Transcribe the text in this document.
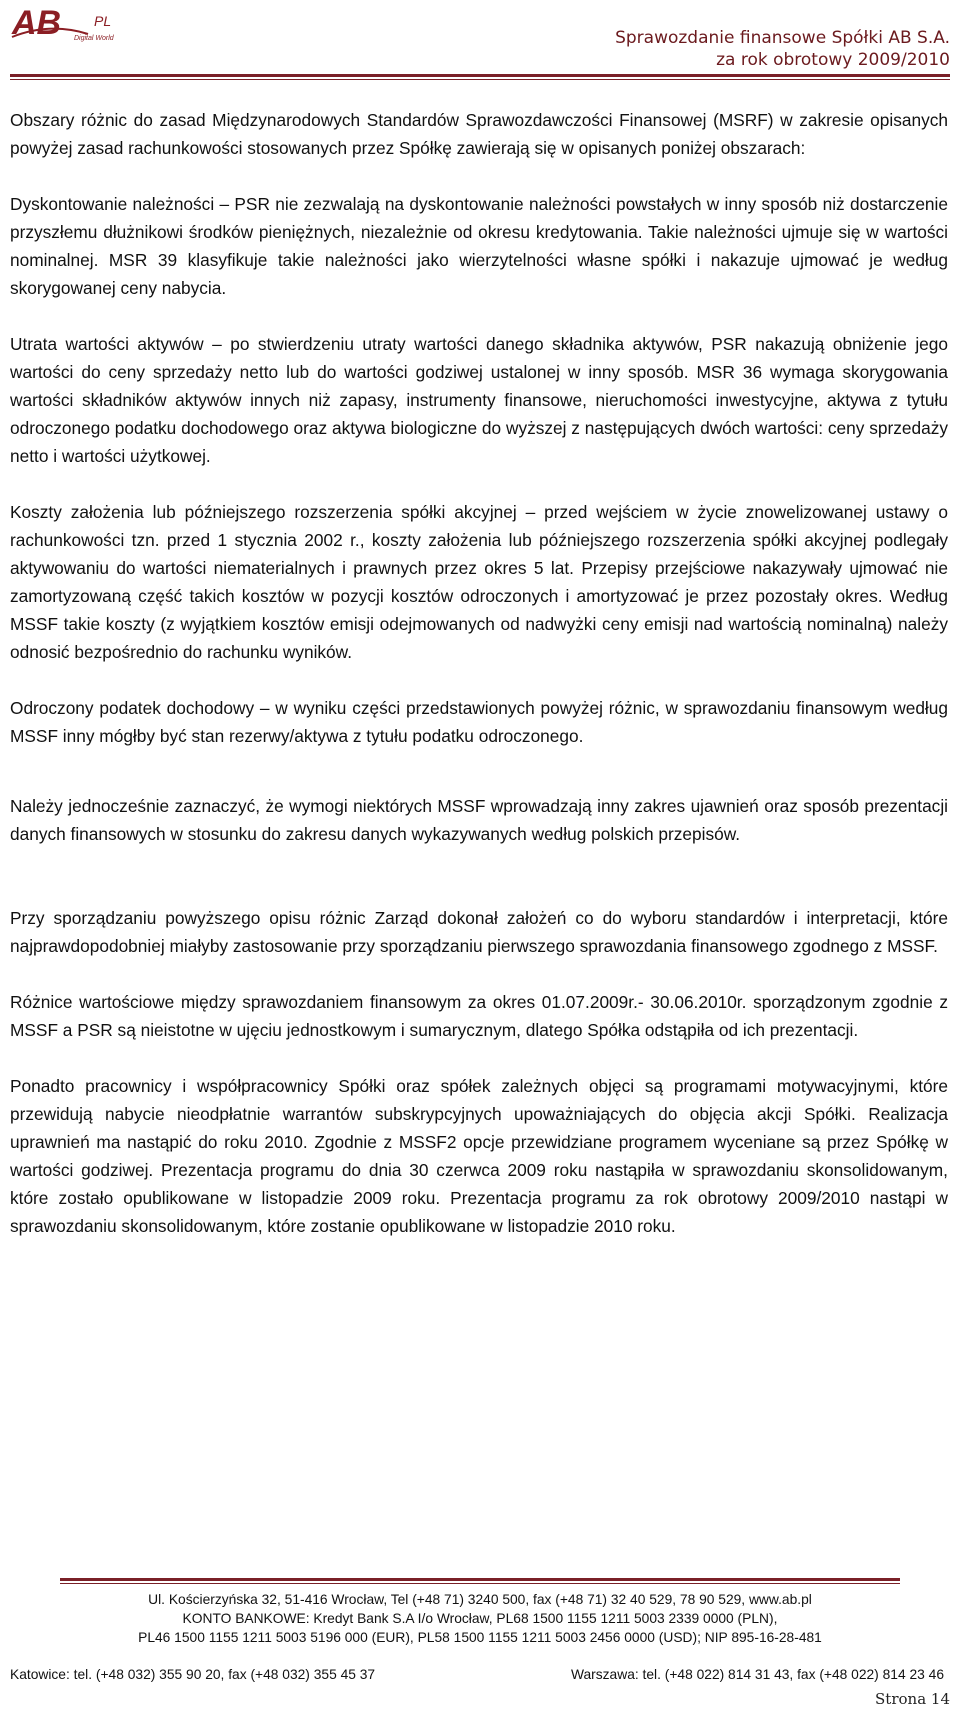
AB PL
Digital World	Sprawozdanie finansowe Spółki AB S.A.
za rok obrotowy 2009/2010

Obszary różnic do zasad Międzynarodowych Standardów Sprawozdawczości Finansowej (MSRF) w zakresie opisanych powyżej zasad rachunkowości stosowanych przez Spółkę zawierają się w opisanych poniżej obszarach:

Dyskontowanie należności – PSR nie zezwalają na dyskontowanie należności powstałych w inny sposób niż dostarczenie przyszłemu dłużnikowi środków pieniężnych, niezależnie od okresu kredytowania. Takie należności ujmuje się w wartości nominalnej. MSR 39 klasyfikuje takie należności jako wierzytelności własne spółki i nakazuje ujmować je według skorygowanej ceny nabycia.

Utrata wartości aktywów – po stwierdzeniu utraty wartości danego składnika aktywów, PSR nakazują obniżenie jego wartości do ceny sprzedaży netto lub do wartości godziwej ustalonej w inny sposób. MSR 36 wymaga skorygowania wartości składników aktywów innych niż zapasy, instrumenty finansowe, nieruchomości inwestycyjne, aktywa z tytułu odroczonego podatku dochodowego oraz aktywa biologiczne do wyższej z następujących dwóch wartości: ceny sprzedaży netto i wartości użytkowej.

Koszty założenia lub późniejszego rozszerzenia spółki akcyjnej – przed wejściem w życie znowelizowanej ustawy o rachunkowości tzn. przed 1 stycznia 2002 r., koszty założenia lub późniejszego rozszerzenia spółki akcyjnej podlegały aktywowaniu do wartości niematerialnych i prawnych przez okres 5 lat. Przepisy przejściowe nakazywały ujmować nie zamortyzowaną część takich kosztów w pozycji kosztów odroczonych i amortyzować je przez pozostały okres. Według MSSF takie koszty (z wyjątkiem kosztów emisji odejmowanych od nadwyżki ceny emisji nad wartością nominalną) należy odnosić bezpośrednio do rachunku wyników.

Odroczony podatek dochodowy – w wyniku części przedstawionych powyżej różnic, w sprawozdaniu finansowym według MSSF inny mógłby być stan rezerwy/aktywa z tytułu podatku odroczonego.

Należy jednocześnie zaznaczyć, że wymogi niektórych MSSF wprowadzają inny zakres ujawnień oraz sposób prezentacji danych finansowych w stosunku do zakresu danych wykazywanych według polskich przepisów.

Przy sporządzaniu powyższego opisu różnic Zarząd dokonał założeń co do wyboru standardów i interpretacji, które najprawdopodobniej miałyby zastosowanie przy sporządzaniu pierwszego sprawozdania finansowego zgodnego z MSSF.

Różnice wartościowe między sprawozdaniem finansowym za okres 01.07.2009r.- 30.06.2010r. sporządzonym zgodnie z MSSF a PSR są nieistotne w ujęciu jednostkowym i sumarycznym, dlatego Spółka odstąpiła od ich prezentacji.

Ponadto pracownicy i współpracownicy Spółki oraz spółek zależnych objęci są programami motywacyjnymi, które przewidują nabycie nieodpłatnie warrantów subskrypcyjnych upoważniających do objęcia akcji Spółki. Realizacja uprawnień ma nastąpić do roku 2010. Zgodnie z MSSF2 opcje przewidziane programem wyceniane są przez Spółkę w wartości godziwej. Prezentacja programu do dnia 30 czerwca 2009 roku nastąpiła w sprawozdaniu skonsolidowanym, które zostało opublikowane w listopadzie 2009 roku. Prezentacja programu za rok obrotowy 2009/2010 nastąpi w sprawozdaniu skonsolidowanym, które zostanie opublikowane w listopadzie 2010 roku.

Ul. Kościerzyńska 32, 51-416 Wrocław, Tel (+48 71) 3240 500, fax (+48 71) 32 40 529, 78 90 529, www.ab.pl
KONTO BANKOWE: Kredyt Bank S.A I/o Wrocław, PL68 1500 1155 1211 5003 2339 0000 (PLN),
PL46 1500 1155 1211 5003 5196 000 (EUR), PL58 1500 1155 1211 5003 2456 0000 (USD); NIP 895-16-28-481
Katowice: tel. (+48 032) 355 90 20, fax (+48 032) 355 45 37	Warszawa: tel. (+48 022) 814 31 43, fax (+48 022) 814 23 46
Strona 14
